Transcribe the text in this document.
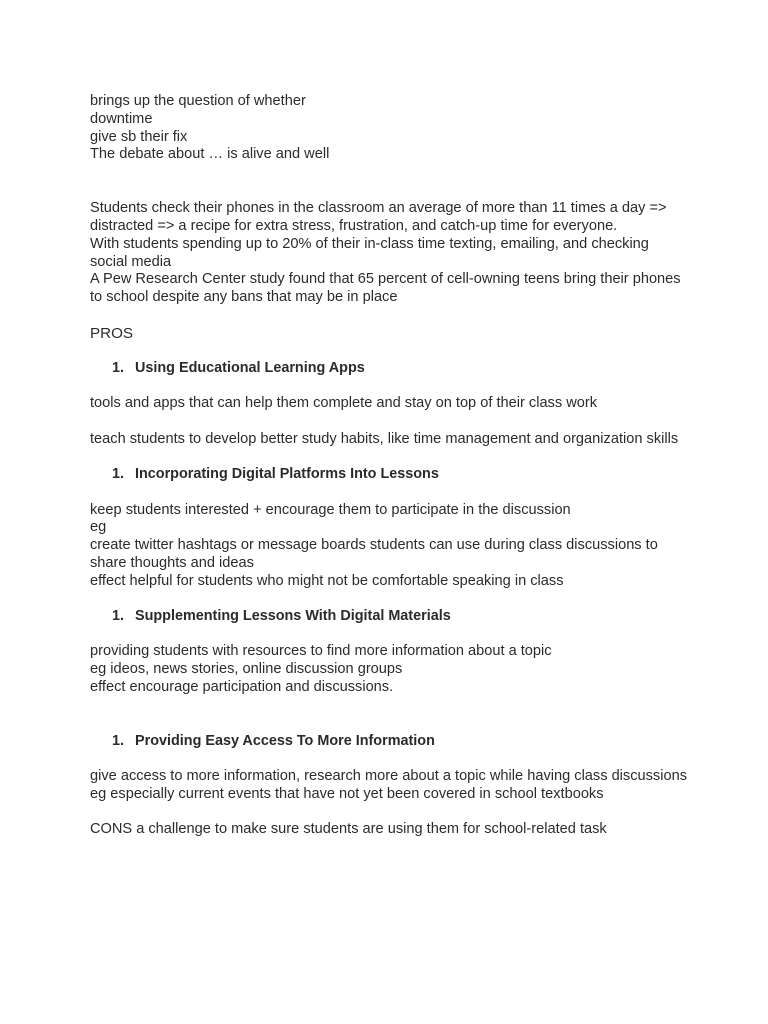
brings up the question of whether
downtime
give sb their fix
The debate about … is alive and well
Students check their phones in the classroom an average of more than 11 times a day => distracted => a recipe for extra stress, frustration, and catch-up time for everyone.
With students spending up to 20% of their in-class time texting, emailing, and checking social media
A Pew Research Center study found that 65 percent of cell-owning teens bring their phones to school despite any bans that may be in place
PROS
1. Using Educational Learning Apps
tools and apps that can help them complete and stay on top of their class work
teach students to develop better study habits, like time management and organization skills
1. Incorporating Digital Platforms Into Lessons
keep students interested + encourage them to participate in the discussion
eg
create twitter hashtags or message boards students can use during class discussions to share thoughts and ideas
effect helpful for students who might not be comfortable speaking in class
1. Supplementing Lessons With Digital Materials
providing students with resources to find more information about a topic
eg ideos, news stories, online discussion groups
effect encourage participation and discussions.
1. Providing Easy Access To More Information
give access to more information, research more about a topic while having class discussions
eg especially current events that have not yet been covered in school textbooks
CONS a challenge to make sure students are using them for school-related task
